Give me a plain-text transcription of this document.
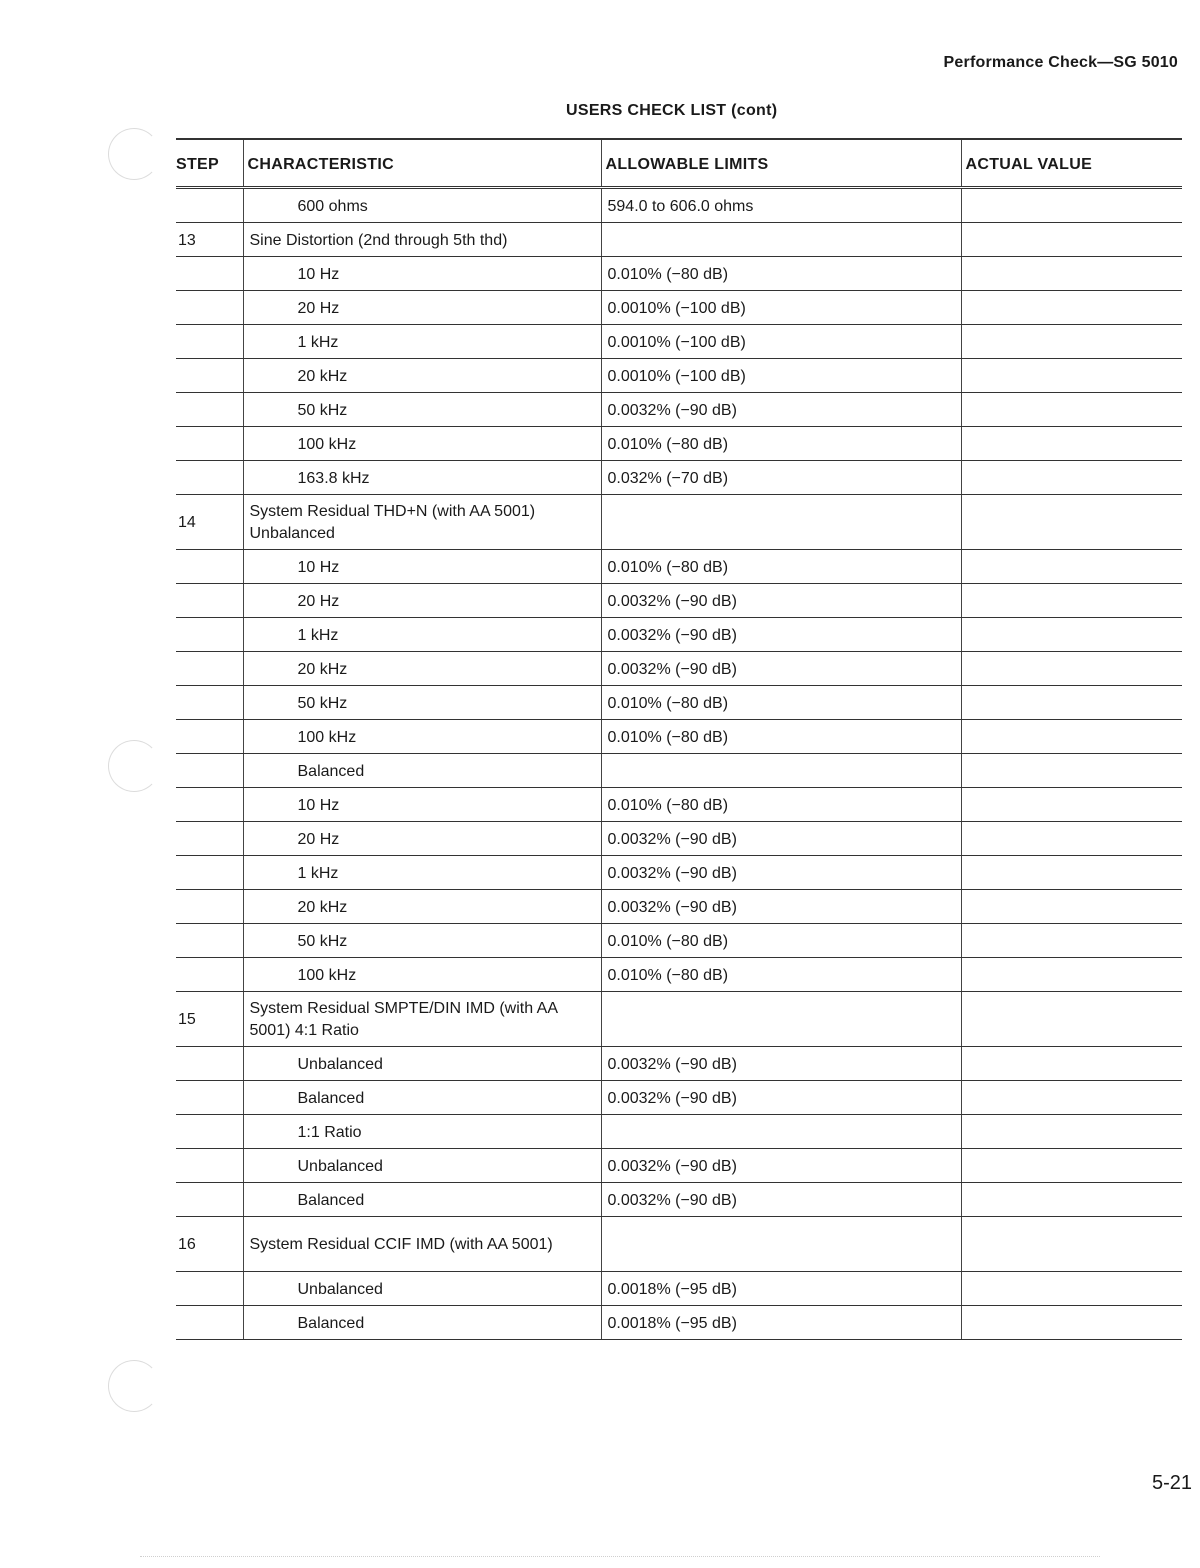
Performance Check—SG 5010
USERS CHECK LIST (cont)
STEP	CHARACTERISTIC	ALLOWABLE LIMITS	ACTUAL VALUE
	600 ohms	594.0 to 606.0 ohms	
13	Sine Distortion (2nd through 5th thd)		
	10 Hz	0.010% (−80 dB)	
	20 Hz	0.0010% (−100 dB)	
	1 kHz	0.0010% (−100 dB)	
	20 kHz	0.0010% (−100 dB)	
	50 kHz	0.0032% (−90 dB)	
	100 kHz	0.010% (−80 dB)	
	163.8 kHz	0.032% (−70 dB)	
14	System Residual THD+N (with AA 5001) Unbalanced		
	10 Hz	0.010% (−80 dB)	
	20 Hz	0.0032% (−90 dB)	
	1 kHz	0.0032% (−90 dB)	
	20 kHz	0.0032% (−90 dB)	
	50 kHz	0.010% (−80 dB)	
	100 kHz	0.010% (−80 dB)	
	Balanced		
	10 Hz	0.010% (−80 dB)	
	20 Hz	0.0032% (−90 dB)	
	1 kHz	0.0032% (−90 dB)	
	20 kHz	0.0032% (−90 dB)	
	50 kHz	0.010% (−80 dB)	
	100 kHz	0.010% (−80 dB)	
15	System Residual SMPTE/DIN IMD (with AA 5001) 4:1 Ratio		
	Unbalanced	0.0032% (−90 dB)	
	Balanced	0.0032% (−90 dB)	
	1:1 Ratio		
	Unbalanced	0.0032% (−90 dB)	
	Balanced	0.0032% (−90 dB)	
16	System Residual CCIF IMD (with AA 5001)		
	Unbalanced	0.0018% (−95 dB)	
	Balanced	0.0018% (−95 dB)	
5-21
